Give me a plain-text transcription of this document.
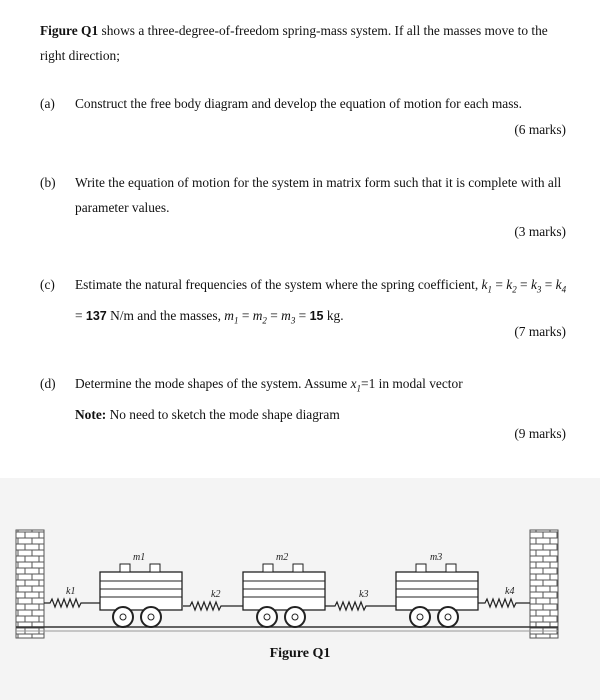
Figure Q1 shows a three-degree-of-freedom spring-mass system. If all the masses move to the right direction;
(a) Construct the free body diagram and develop the equation of motion for each mass.
(6 marks)
(b) Write the equation of motion for the system in matrix form such that it is complete with all parameter values.
(3 marks)
(c) Estimate the natural frequencies of the system where the spring coefficient, $k_1 = k_2 = k_3 = k_4 = 137$ N/m and the masses, $m_1 = m_2 = m_3 = 15$ kg.
(7 marks)
(d) Determine the mode shapes of the system. Assume $x_1=1$ in modal vector
Note: No need to sketch the mode shape diagram
(9 marks)
m1	m2	m3
k1	k2	k3	k4
Figure Q1
